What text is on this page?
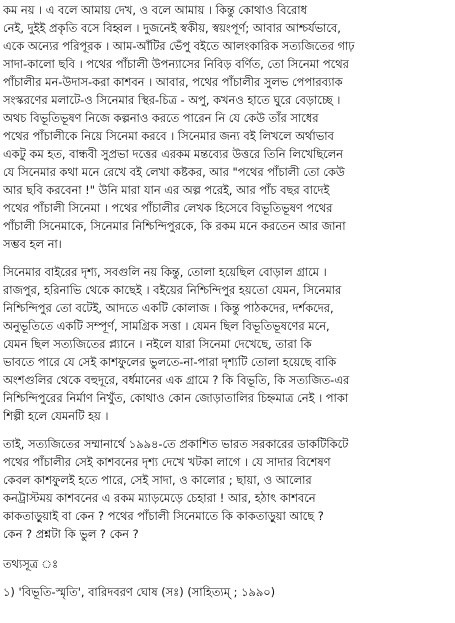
কম নয় । এ বলে আমায় দেখ, ও বলে আমায় । কিন্তু কোথাও বিরোধ
নেই, দুইই প্রকৃতি বসে বিহ্বল । দুজনেই স্বকীয়, স্বয়ংপূর্ণ; আবার আশ্চর্যভাবে,
একে অন্যের পরিপূরক । আম-আঁটির ভেঁপু বইতে আলংকারিক সত্যজিতের গাঢ়
সাদা-কালো ছবি । পথের পাঁচালী উপন্যাসের নিবিড় বর্ণিত, তো সিনেমা পথের
পাঁচালীর মন-উদাস-করা কাশবন । আবার, পথের পাঁচালীর সুলভ পেপারব্যাক
সংস্করণের মলাটে-ও সিনেমার স্থির-চিত্র - অপু, কখনও হাতে ঘুরে বেড়াচ্ছে ।
অথচ বিভূতিভূষণ নিজে কল্পনাও করতে পারেন নি যে কেউ তাঁর সাধের
পথের পাঁচালীকে নিয়ে সিনেমা করবে । সিনেমার জন্য বই লিখলে অর্থাভাব
একটু কম হত, বান্ধবী সুপ্রভা দত্তের এরকম মন্তব্যের উত্তরে তিনি লিখেছিলেন
যে সিনেমার কথা মনে রেখে বই লেখা কষ্টকর, আর "পথের পাঁচালী তো কেউ
আর ছবি করবেনা !" উনি মারা যান এর অল্প পরেই, আর পাঁচ বছর বাদেই
পথের পাঁচালী সিনেমা । পথের পাঁচালীর লেখক হিসেবে বিভূতিভূষণ পথের
পাঁচালী সিনেমাকে, সিনেমার নিশ্চিন্দিপুরকে, কি রকম মনে করতেন আর জানা
সম্ভব হল না।
সিনেমার বাইরের দৃশ্য, সবগুলি নয় কিন্তু, তোলা হয়েছিল বোড়াল গ্রামে ।
রাজপুর, হরিনাভি থেকে কাছেই । বইয়ের নিশ্চিন্দিপুর হয়তো যেমন, সিনেমার
নিশ্চিন্দিপুর তো বটেই, আদতে একটি কোলাজ । কিন্তু পাঠকদের, দর্শকদের,
অনুভূতিতে একটি সম্পূর্ণ, সামগ্রিক সত্তা । যেমন ছিল বিভূতিভূষণের মনে,
যেমন ছিল সত্যজিতের প্ল্যানে । নইলে যারা সিনেমা দেখেছে, তারা কি
ভাবতে পারে যে সেই কাশফুলের ভুলতে-না-পারা দৃশ্যটি তোলা হয়েছে বাকি
অংশগুলির থেকে বহুদূরে, বর্ধমানের এক গ্রামে ? কি বিভূতি, কি সত্যজিত-এর
নিশ্চিন্দিপুরের নির্মাণ নিখুঁত, কোথাও কোন জোড়াতালির চিহ্নমাত্র নেই । পাকা
শিল্পী হলে যেমনটি হয় ।
তাই, সত্যজিতের সম্মানার্থে ১৯৯৪-তে প্রকাশিত ভারত সরকারের ডাকটিকিটে
পথের পাঁচালীর সেই কাশবনের দৃশ্য দেখে খটকা লাগে । যে সাদার বিশেষণ
কেবল কাশফুলই হতে পারে, সেই সাদা, ও কালোর ; ছায়া, ও আলোর
কনট্রাস্টময় কাশবনের এ রকম ম্যাড়মেড়ে চেহারা ! আর, হঠাৎ কাশবনে
কাকতাড়ুয়াই বা কেন ? পথের পাঁচালী সিনেমাতে কি কাকতাড়ুয়া আছে ?
কেন ? প্রশ্নটা কি ভুল ? কেন ?
তথ্যসূত্র ঃ
১) 'বিভূতি-স্মৃতি', বারিদবরণ ঘোষ (সঃ) (সাহিত্যম্ ; ১৯৯০)
